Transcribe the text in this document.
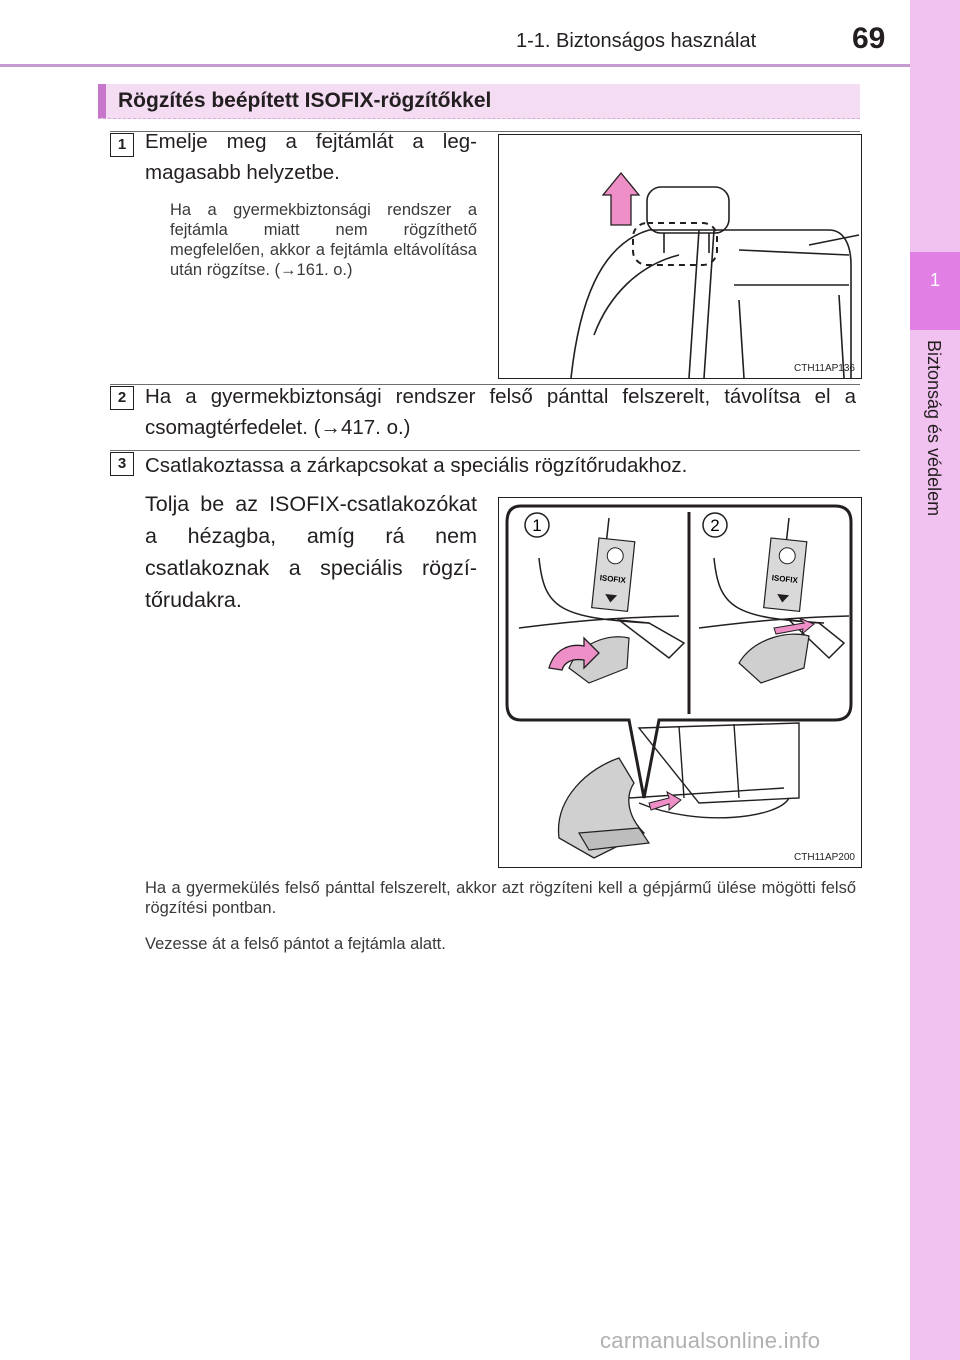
1-1. Biztonságos használat	69
1
Biztonság és védelem
Rögzítés beépített ISOFIX-rögzítőkkel
1 Emelje meg a fejtámlát a legmagasabb helyzetbe.
Ha a gyermekbiztonsági rendszer a fejtámla miatt nem rögzíthető megfelelően, akkor a fejtámla eltávolítása után rögzítse. (→161. o.)
CTH11AP136
2 Ha a gyermekbiztonsági rendszer felső pánttal felszerelt, távolítsa el a csomagtérfedelet. (→417. o.)
3 Csatlakoztassa a zárkapcsokat a speciális rögzítőrudakhoz.
Tolja be az ISOFIX-csatlakozókat a hézagba, amíg rá nem csatlakoznak a speciális rögzítőrudakra.
1	2
ISOFIX	ISOFIX
CTH11AP200
Ha a gyermekülés felső pánttal felszerelt, akkor azt rögzíteni kell a gépjármű ülése mögötti felső rögzítési pontban.
Vezesse át a felső pántot a fejtámla alatt.
carmanualsonline.info
